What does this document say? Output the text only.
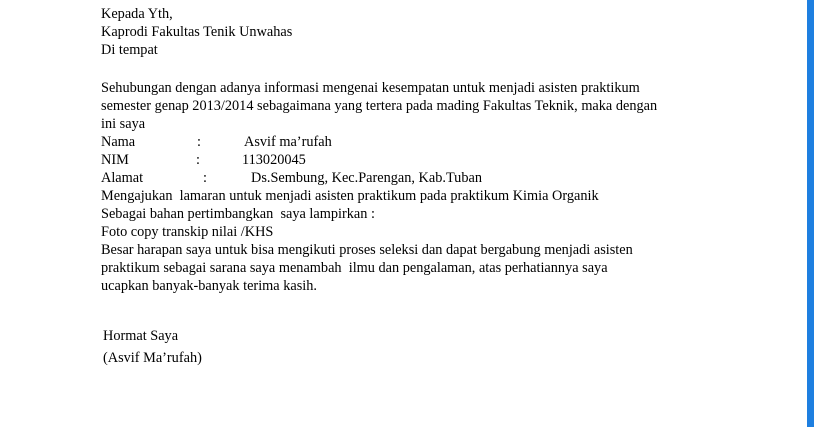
Kepada Yth,
Kaprodi Fakultas Tenik Unwahas
Di tempat
Sehubungan dengan adanya informasi mengenai kesempatan untuk menjadi asisten praktikum
semester genap 2013/2014 sebagaimana yang tertera pada mading Fakultas Teknik, maka dengan
ini saya
Nama	:	Asvif ma’rufah
NIM	:	113020045
Alamat	:	Ds.Sembung, Kec.Parengan, Kab.Tuban
Mengajukan  lamaran untuk menjadi asisten praktikum pada praktikum Kimia Organik
Sebagai bahan pertimbangkan  saya lampirkan :
Foto copy transkip nilai /KHS
Besar harapan saya untuk bisa mengikuti proses seleksi dan dapat bergabung menjadi asisten
praktikum sebagai sarana saya menambah  ilmu dan pengalaman, atas perhatiannya saya
ucapkan banyak-banyak terima kasih.
Hormat Saya
(Asvif Ma’rufah)
